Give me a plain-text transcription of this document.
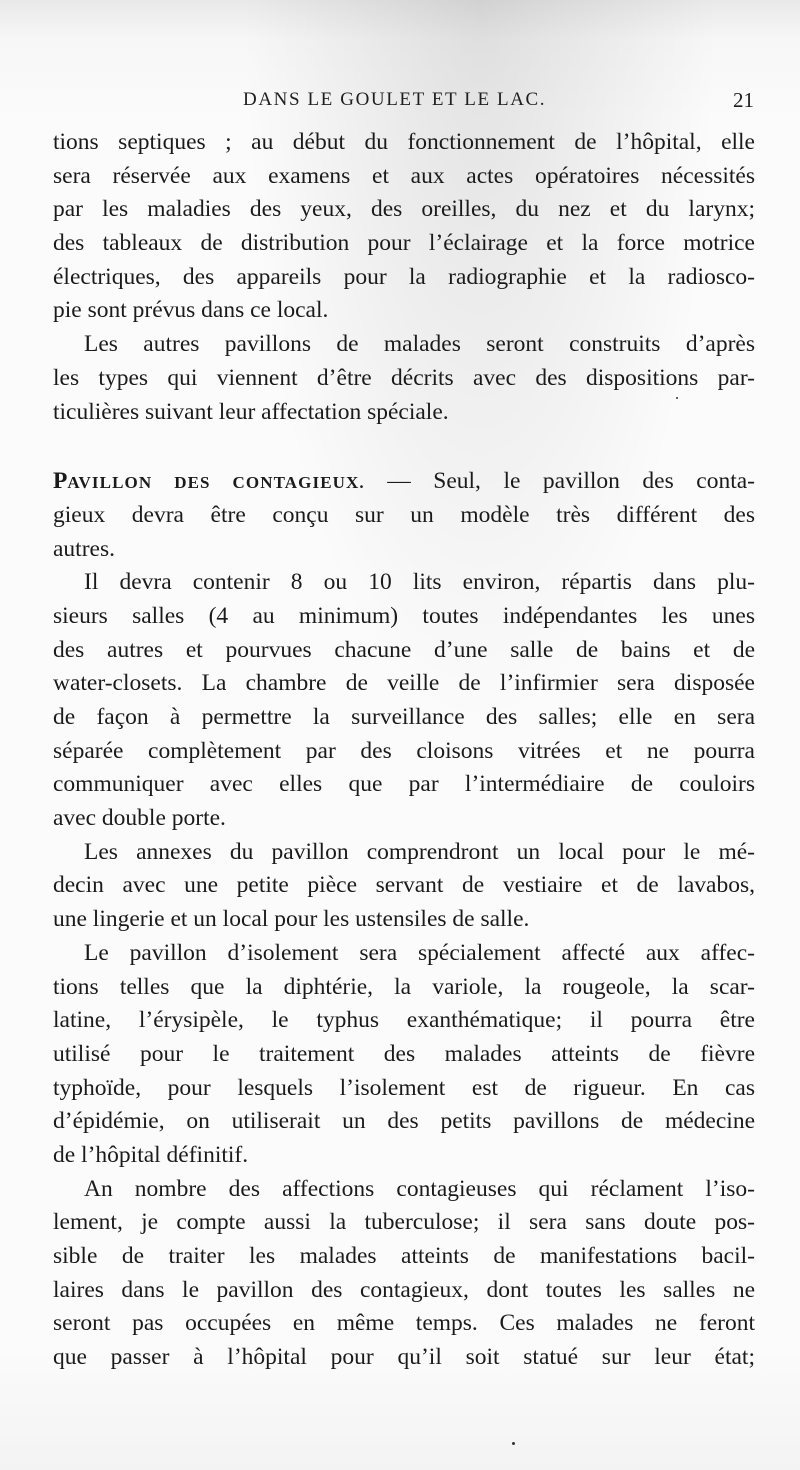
DANS LE GOULET ET LE LAC.	21
tions septiques ; au début du fonctionnement de l’hôpital, elle
sera réservée aux examens et aux actes opératoires nécessités
par les maladies des yeux, des oreilles, du nez et du larynx;
des tableaux de distribution pour l’éclairage et la force motrice
électriques, des appareils pour la radiographie et la radiosco-
pie sont prévus dans ce local.
Les autres pavillons de malades seront construits d’après
les types qui viennent d’être décrits avec des dispositions par-
ticulières suivant leur affectation spéciale.
PAVILLON DES CONTAGIEUX. — Seul, le pavillon des conta-
gieux devra être conçu sur un modèle très différent des
autres.
Il devra contenir 8 ou 10 lits environ, répartis dans plu-
sieurs salles (4 au minimum) toutes indépendantes les unes
des autres et pourvues chacune d’une salle de bains et de
water-closets. La chambre de veille de l’infirmier sera disposée
de façon à permettre la surveillance des salles; elle en sera
séparée complètement par des cloisons vitrées et ne pourra
communiquer avec elles que par l’intermédiaire de couloirs
avec double porte.
Les annexes du pavillon comprendront un local pour le mé-
decin avec une petite pièce servant de vestiaire et de lavabos,
une lingerie et un local pour les ustensiles de salle.
Le pavillon d’isolement sera spécialement affecté aux affec-
tions telles que la diphtérie, la variole, la rougeole, la scar-
latine, l’érysipèle, le typhus exanthématique; il pourra être
utilisé pour le traitement des malades atteints de fièvre
typhoïde, pour lesquels l’isolement est de rigueur. En cas
d’épidémie, on utiliserait un des petits pavillons de médecine
de l’hôpital définitif.
An nombre des affections contagieuses qui réclament l’iso-
lement, je compte aussi la tuberculose; il sera sans doute pos-
sible de traiter les malades atteints de manifestations bacil-
laires dans le pavillon des contagieux, dont toutes les salles ne
seront pas occupées en même temps. Ces malades ne feront
que passer à l’hôpital pour qu’il soit statué sur leur état;
